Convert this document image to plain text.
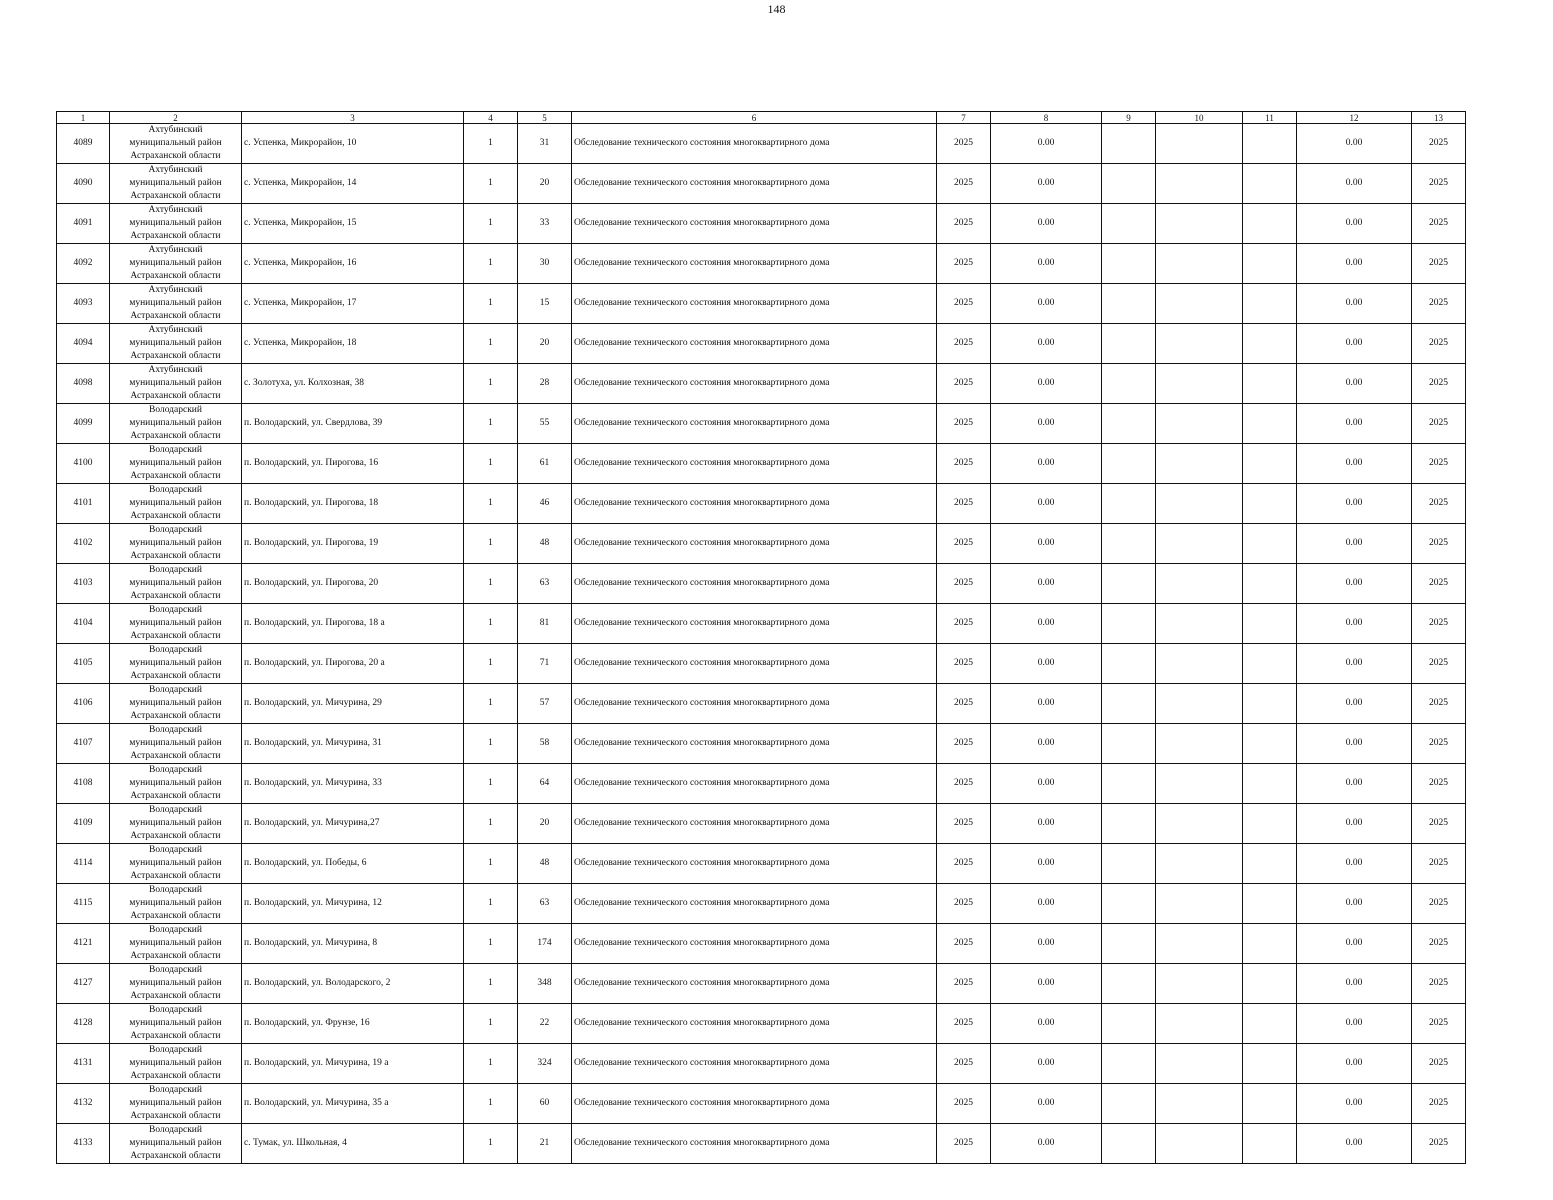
148
1	2	3	4	5	6	7	8	9	10	11	12	13
4089	Ахтубинский
муниципальный район
Астраханской области	с. Успенка, Микрорайон, 10	1	31	Обследование технического состояния многоквартирного дома	2025	0.00				0.00	2025
4090	Ахтубинский
муниципальный район
Астраханской области	с. Успенка, Микрорайон, 14	1	20	Обследование технического состояния многоквартирного дома	2025	0.00				0.00	2025
4091	Ахтубинский
муниципальный район
Астраханской области	с. Успенка, Микрорайон, 15	1	33	Обследование технического состояния многоквартирного дома	2025	0.00				0.00	2025
4092	Ахтубинский
муниципальный район
Астраханской области	с. Успенка, Микрорайон, 16	1	30	Обследование технического состояния многоквартирного дома	2025	0.00				0.00	2025
4093	Ахтубинский
муниципальный район
Астраханской области	с. Успенка, Микрорайон, 17	1	15	Обследование технического состояния многоквартирного дома	2025	0.00				0.00	2025
4094	Ахтубинский
муниципальный район
Астраханской области	с. Успенка, Микрорайон, 18	1	20	Обследование технического состояния многоквартирного дома	2025	0.00				0.00	2025
4098	Ахтубинский
муниципальный район
Астраханской области	с. Золотуха, ул. Колхозная, 38	1	28	Обследование технического состояния многоквартирного дома	2025	0.00				0.00	2025
4099	Володарский
муниципальный район
Астраханской области	п. Володарский, ул. Свердлова, 39	1	55	Обследование технического состояния многоквартирного дома	2025	0.00				0.00	2025
4100	Володарский
муниципальный район
Астраханской области	п. Володарский, ул. Пирогова, 16	1	61	Обследование технического состояния многоквартирного дома	2025	0.00				0.00	2025
4101	Володарский
муниципальный район
Астраханской области	п. Володарский, ул. Пирогова, 18	1	46	Обследование технического состояния многоквартирного дома	2025	0.00				0.00	2025
4102	Володарский
муниципальный район
Астраханской области	п. Володарский, ул. Пирогова, 19	1	48	Обследование технического состояния многоквартирного дома	2025	0.00				0.00	2025
4103	Володарский
муниципальный район
Астраханской области	п. Володарский, ул. Пирогова, 20	1	63	Обследование технического состояния многоквартирного дома	2025	0.00				0.00	2025
4104	Володарский
муниципальный район
Астраханской области	п. Володарский, ул. Пирогова, 18 а	1	81	Обследование технического состояния многоквартирного дома	2025	0.00				0.00	2025
4105	Володарский
муниципальный район
Астраханской области	п. Володарский, ул. Пирогова, 20 а	1	71	Обследование технического состояния многоквартирного дома	2025	0.00				0.00	2025
4106	Володарский
муниципальный район
Астраханской области	п. Володарский, ул. Мичурина, 29	1	57	Обследование технического состояния многоквартирного дома	2025	0.00				0.00	2025
4107	Володарский
муниципальный район
Астраханской области	п. Володарский, ул. Мичурина, 31	1	58	Обследование технического состояния многоквартирного дома	2025	0.00				0.00	2025
4108	Володарский
муниципальный район
Астраханской области	п. Володарский, ул. Мичурина, 33	1	64	Обследование технического состояния многоквартирного дома	2025	0.00				0.00	2025
4109	Володарский
муниципальный район
Астраханской области	п. Володарский, ул. Мичурина,27	1	20	Обследование технического состояния многоквартирного дома	2025	0.00				0.00	2025
4114	Володарский
муниципальный район
Астраханской области	п. Володарский, ул. Победы, 6	1	48	Обследование технического состояния многоквартирного дома	2025	0.00				0.00	2025
4115	Володарский
муниципальный район
Астраханской области	п. Володарский, ул. Мичурина, 12	1	63	Обследование технического состояния многоквартирного дома	2025	0.00				0.00	2025
4121	Володарский
муниципальный район
Астраханской области	п. Володарский, ул. Мичурина, 8	1	174	Обследование технического состояния многоквартирного дома	2025	0.00				0.00	2025
4127	Володарский
муниципальный район
Астраханской области	п. Володарский, ул. Володарского, 2	1	348	Обследование технического состояния многоквартирного дома	2025	0.00				0.00	2025
4128	Володарский
муниципальный район
Астраханской области	п. Володарский, ул. Фрунзе, 16	1	22	Обследование технического состояния многоквартирного дома	2025	0.00				0.00	2025
4131	Володарский
муниципальный район
Астраханской области	п. Володарский, ул. Мичурина, 19 а	1	324	Обследование технического состояния многоквартирного дома	2025	0.00				0.00	2025
4132	Володарский
муниципальный район
Астраханской области	п. Володарский, ул. Мичурина, 35 а	1	60	Обследование технического состояния многоквартирного дома	2025	0.00				0.00	2025
4133	Володарский
муниципальный район
Астраханской области	с. Тумак, ул. Школьная, 4	1	21	Обследование технического состояния многоквартирного дома	2025	0.00				0.00	2025
